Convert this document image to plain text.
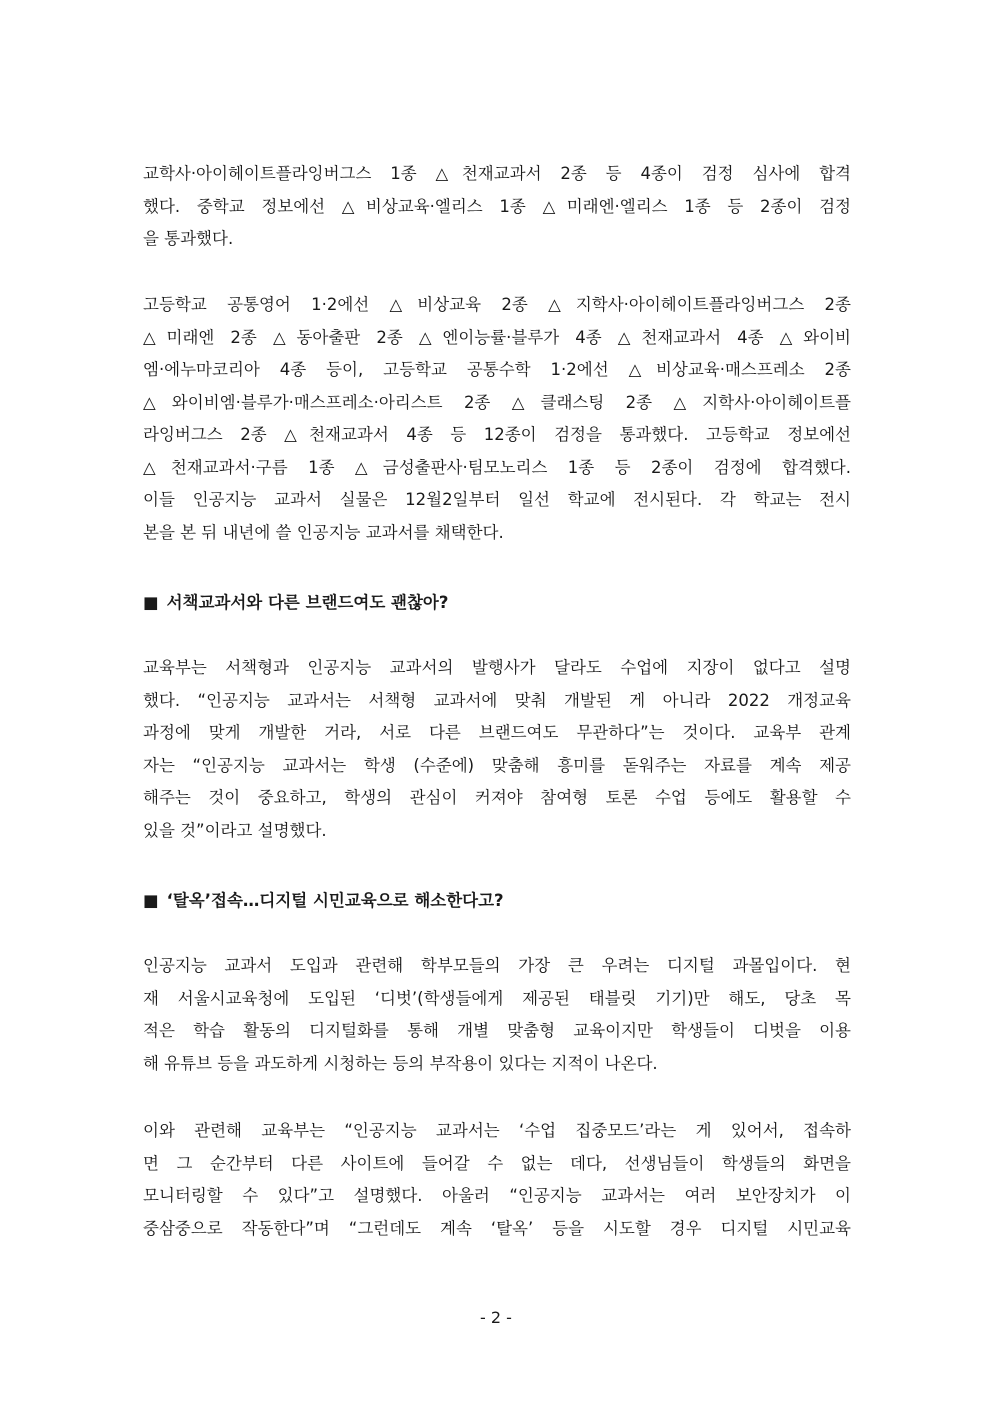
교학사·아이헤이트플라잉버그스 1종 △천재교과서 2종 등 4종이 검정 심사에 합격
했다. 중학교 정보에선 △비상교육·엘리스 1종 △미래엔·엘리스 1종 등 2종이 검정
을 통과했다.
고등학교 공통영어 1·2에선 △비상교육 2종 △지학사·아이헤이트플라잉버그스 2종
△미래엔 2종 △동아출판 2종 △엔이능률·블루가 4종 △천재교과서 4종 △와이비
엠·에누마코리아 4종 등이, 고등학교 공통수학 1·2에선 △비상교육·매스프레소 2종
△와이비엠·블루가·매스프레소·아리스트 2종 △클래스팅 2종 △지학사·아이헤이트플
라잉버그스 2종 △천재교과서 4종 등 12종이 검정을 통과했다. 고등학교 정보에선
△천재교과서·구름 1종 △금성출판사·팀모노리스 1종 등 2종이 검정에 합격했다.
이들 인공지능 교과서 실물은 12월2일부터 일선 학교에 전시된다. 각 학교는 전시
본을 본 뒤 내년에 쓸 인공지능 교과서를 채택한다.
■ 서책교과서와 다른 브랜드여도 괜찮아?
교육부는 서책형과 인공지능 교과서의 발행사가 달라도 수업에 지장이 없다고 설명
했다. “인공지능 교과서는 서책형 교과서에 맞춰 개발된 게 아니라 2022 개정교육
과정에 맞게 개발한 거라, 서로 다른 브랜드여도 무관하다”는 것이다. 교육부 관계
자는 “인공지능 교과서는 학생 (수준에) 맞춤해 흥미를 돋워주는 자료를 계속 제공
해주는 것이 중요하고, 학생의 관심이 커져야 참여형 토론 수업 등에도 활용할 수
있을 것”이라고 설명했다.
■ ‘탈옥’접속…디지털 시민교육으로 해소한다고?
인공지능 교과서 도입과 관련해 학부모들의 가장 큰 우려는 디지털 과몰입이다. 현
재 서울시교육청에 도입된 ‘디벗’(학생들에게 제공된 태블릿 기기)만 해도, 당초 목
적은 학습 활동의 디지털화를 통해 개별 맞춤형 교육이지만 학생들이 디벗을 이용
해 유튜브 등을 과도하게 시청하는 등의 부작용이 있다는 지적이 나온다.
이와 관련해 교육부는 “인공지능 교과서는 ‘수업 집중모드’라는 게 있어서, 접속하
면 그 순간부터 다른 사이트에 들어갈 수 없는 데다, 선생님들이 학생들의 화면을
모니터링할 수 있다”고 설명했다. 아울러 “인공지능 교과서는 여러 보안장치가 이
중삼중으로 작동한다”며 “그런데도 계속 ‘탈옥’ 등을 시도할 경우 디지털 시민교육
- 2 -
